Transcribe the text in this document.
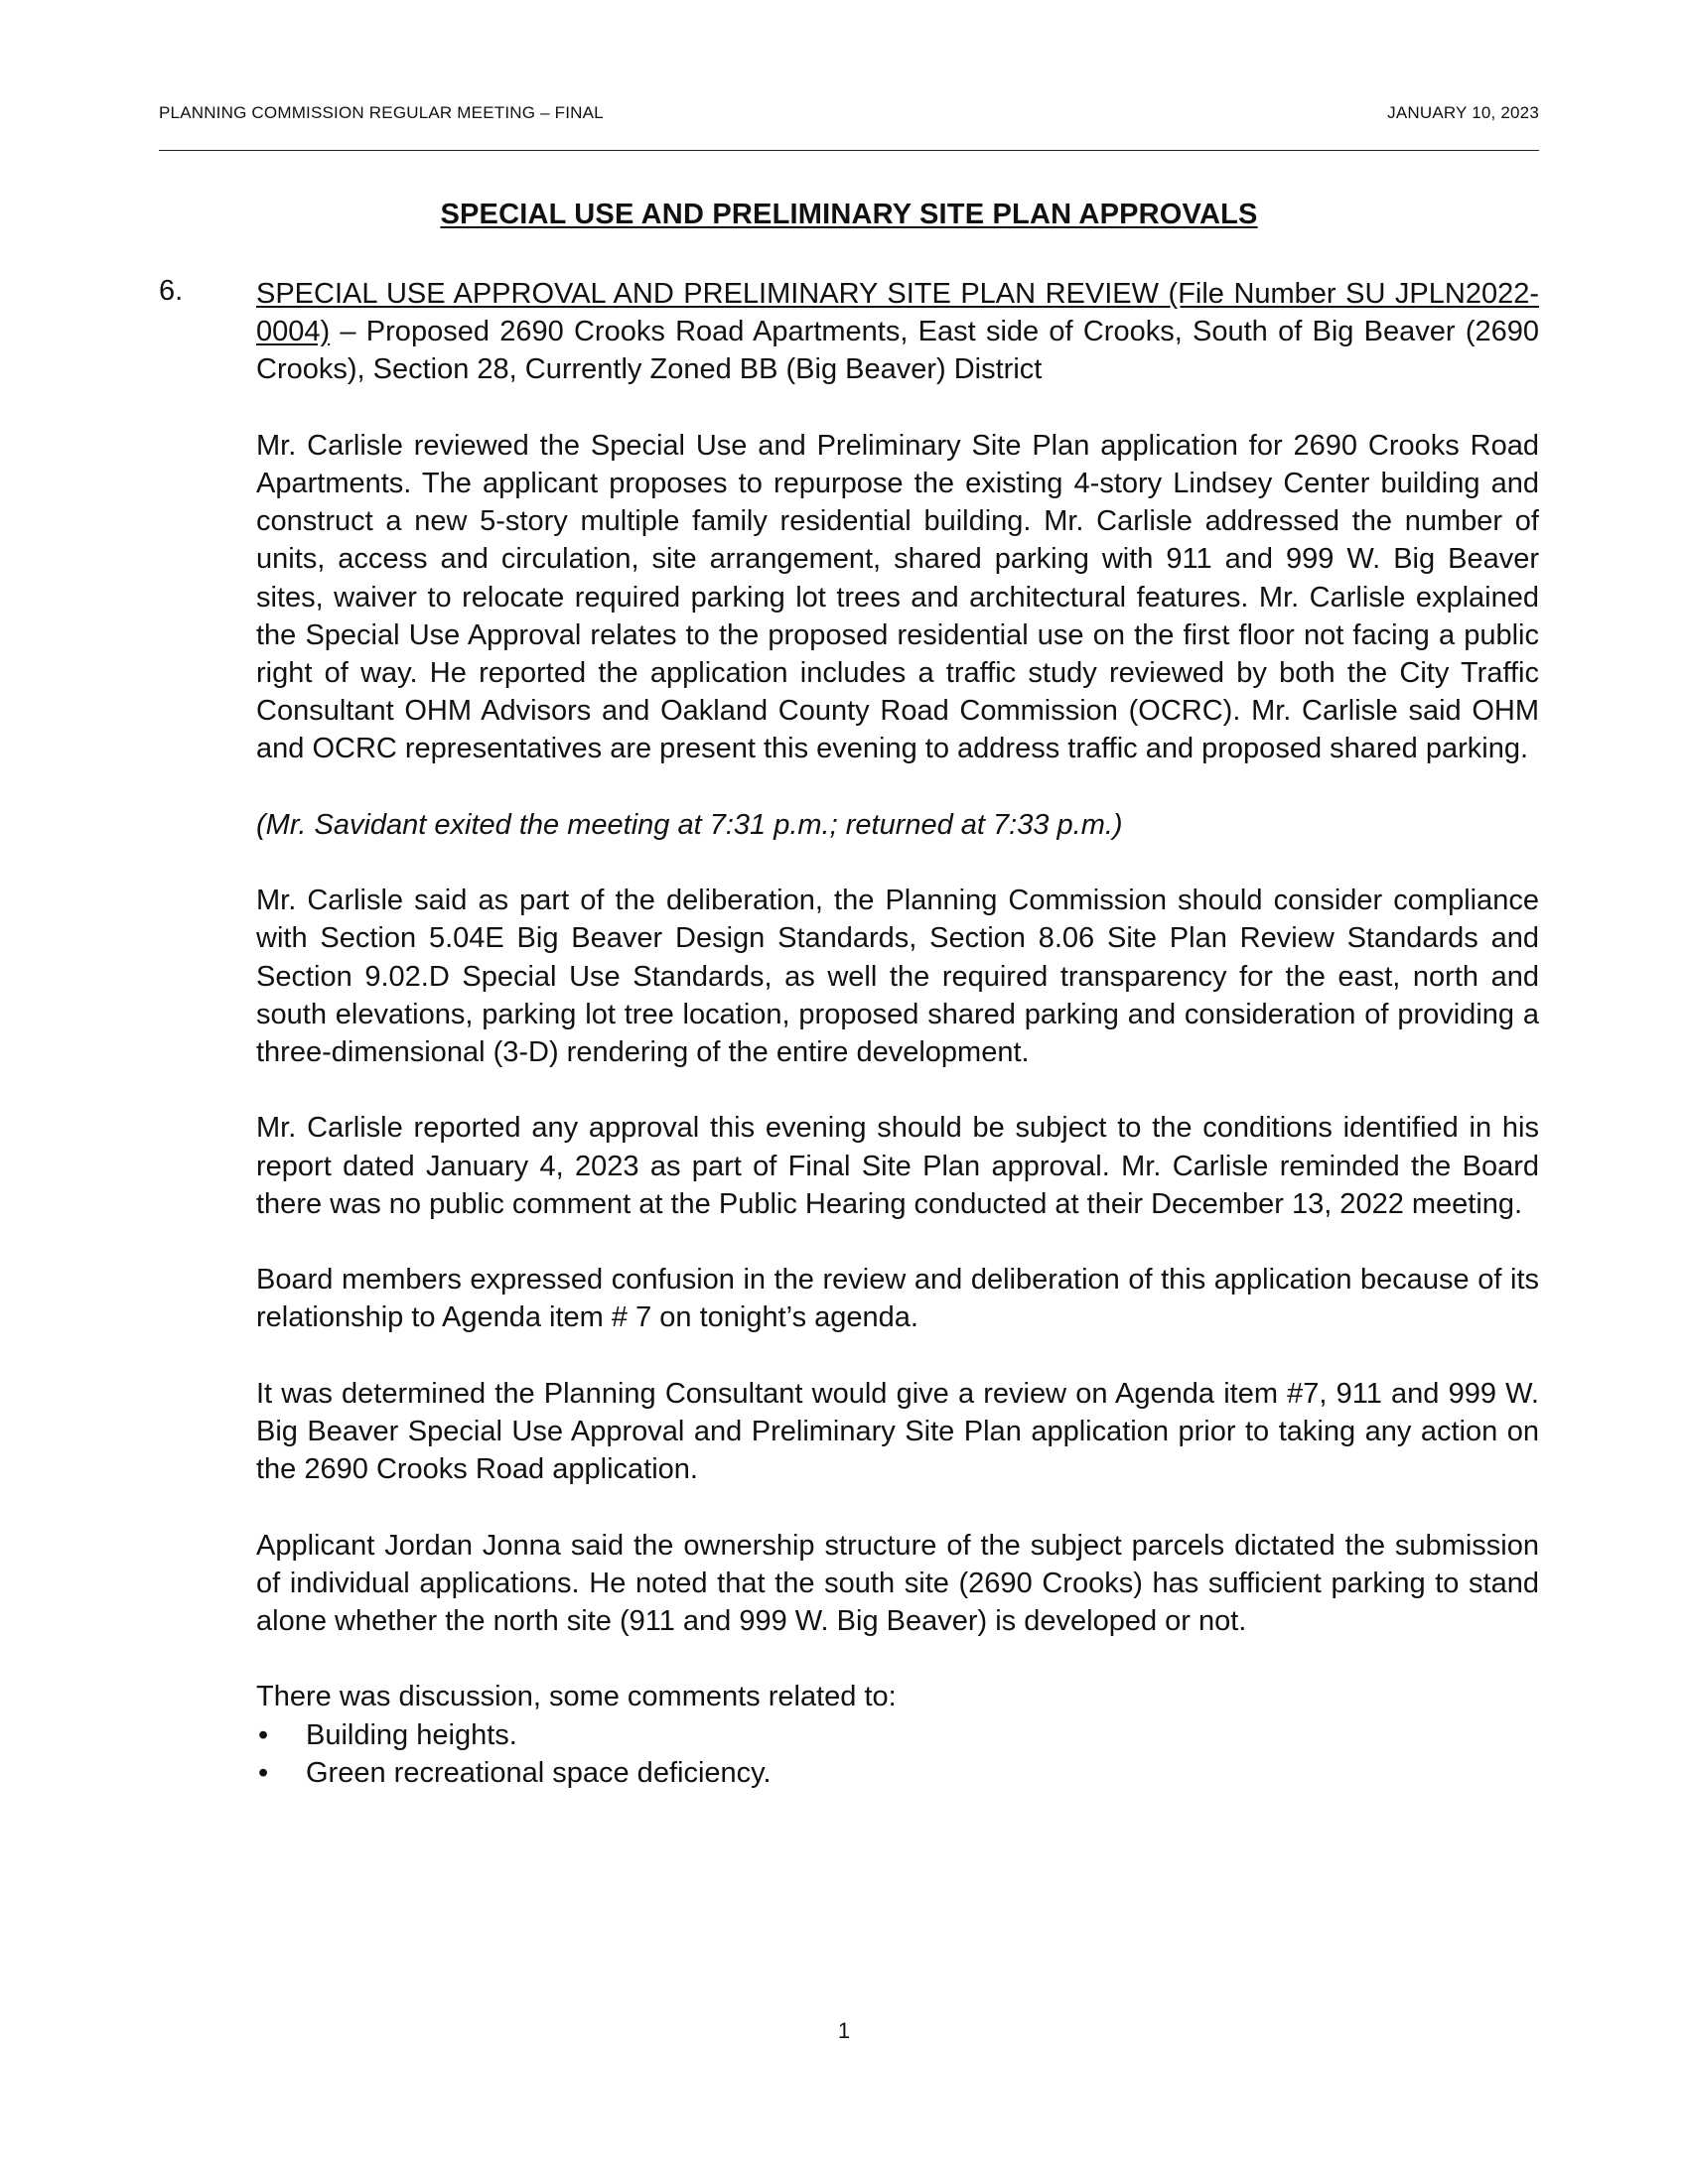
PLANNING COMMISSION REGULAR MEETING – FINAL	JANUARY 10, 2023
SPECIAL USE AND PRELIMINARY SITE PLAN APPROVALS
6.	SPECIAL USE APPROVAL AND PRELIMINARY SITE PLAN REVIEW (File Number SU JPLN2022-0004) – Proposed 2690 Crooks Road Apartments, East side of Crooks, South of Big Beaver (2690 Crooks), Section 28, Currently Zoned BB (Big Beaver) District

Mr. Carlisle reviewed the Special Use and Preliminary Site Plan application for 2690 Crooks Road Apartments. The applicant proposes to repurpose the existing 4-story Lindsey Center building and construct a new 5-story multiple family residential building. Mr. Carlisle addressed the number of units, access and circulation, site arrangement, shared parking with 911 and 999 W. Big Beaver sites, waiver to relocate required parking lot trees and architectural features. Mr. Carlisle explained the Special Use Approval relates to the proposed residential use on the first floor not facing a public right of way. He reported the application includes a traffic study reviewed by both the City Traffic Consultant OHM Advisors and Oakland County Road Commission (OCRC). Mr. Carlisle said OHM and OCRC representatives are present this evening to address traffic and proposed shared parking.

(Mr. Savidant exited the meeting at 7:31 p.m.; returned at 7:33 p.m.)

Mr. Carlisle said as part of the deliberation, the Planning Commission should consider compliance with Section 5.04E Big Beaver Design Standards, Section 8.06 Site Plan Review Standards and Section 9.02.D Special Use Standards, as well the required transparency for the east, north and south elevations, parking lot tree location, proposed shared parking and consideration of providing a three-dimensional (3-D) rendering of the entire development.

Mr. Carlisle reported any approval this evening should be subject to the conditions identified in his report dated January 4, 2023 as part of Final Site Plan approval. Mr. Carlisle reminded the Board there was no public comment at the Public Hearing conducted at their December 13, 2022 meeting.

Board members expressed confusion in the review and deliberation of this application because of its relationship to Agenda item # 7 on tonight’s agenda.

It was determined the Planning Consultant would give a review on Agenda item #7, 911 and 999 W. Big Beaver Special Use Approval and Preliminary Site Plan application prior to taking any action on the 2690 Crooks Road application.

Applicant Jordan Jonna said the ownership structure of the subject parcels dictated the submission of individual applications. He noted that the south site (2690 Crooks) has sufficient parking to stand alone whether the north site (911 and 999 W. Big Beaver) is developed or not.

There was discussion, some comments related to:

• Building heights.
• Green recreational space deficiency.
1
